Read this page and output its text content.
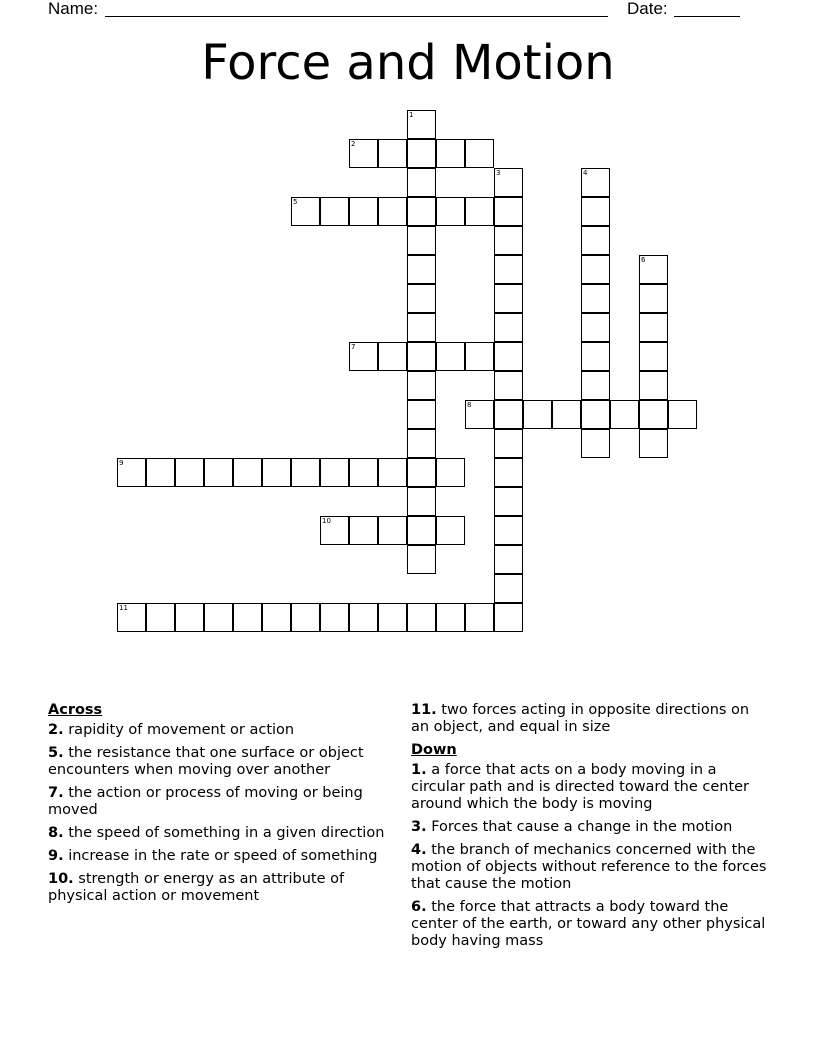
Name:	Date:
Force and Motion
1
2
3	4
5
6
7
8
9
10
11
Across
2. rapidity of movement or action
5. the resistance that one surface or object encounters when moving over another
7. the action or process of moving or being moved
8. the speed of something in a given direction
9. increase in the rate or speed of something
10. strength or energy as an attribute of physical action or movement
11. two forces acting in opposite directions on an object, and equal in size
Down
1. a force that acts on a body moving in a circular path and is directed toward the center around which the body is moving
3. Forces that cause a change in the motion
4. the branch of mechanics concerned with the motion of objects without reference to the forces that cause the motion
6. the force that attracts a body toward the center of the earth, or toward any other physical body having mass
